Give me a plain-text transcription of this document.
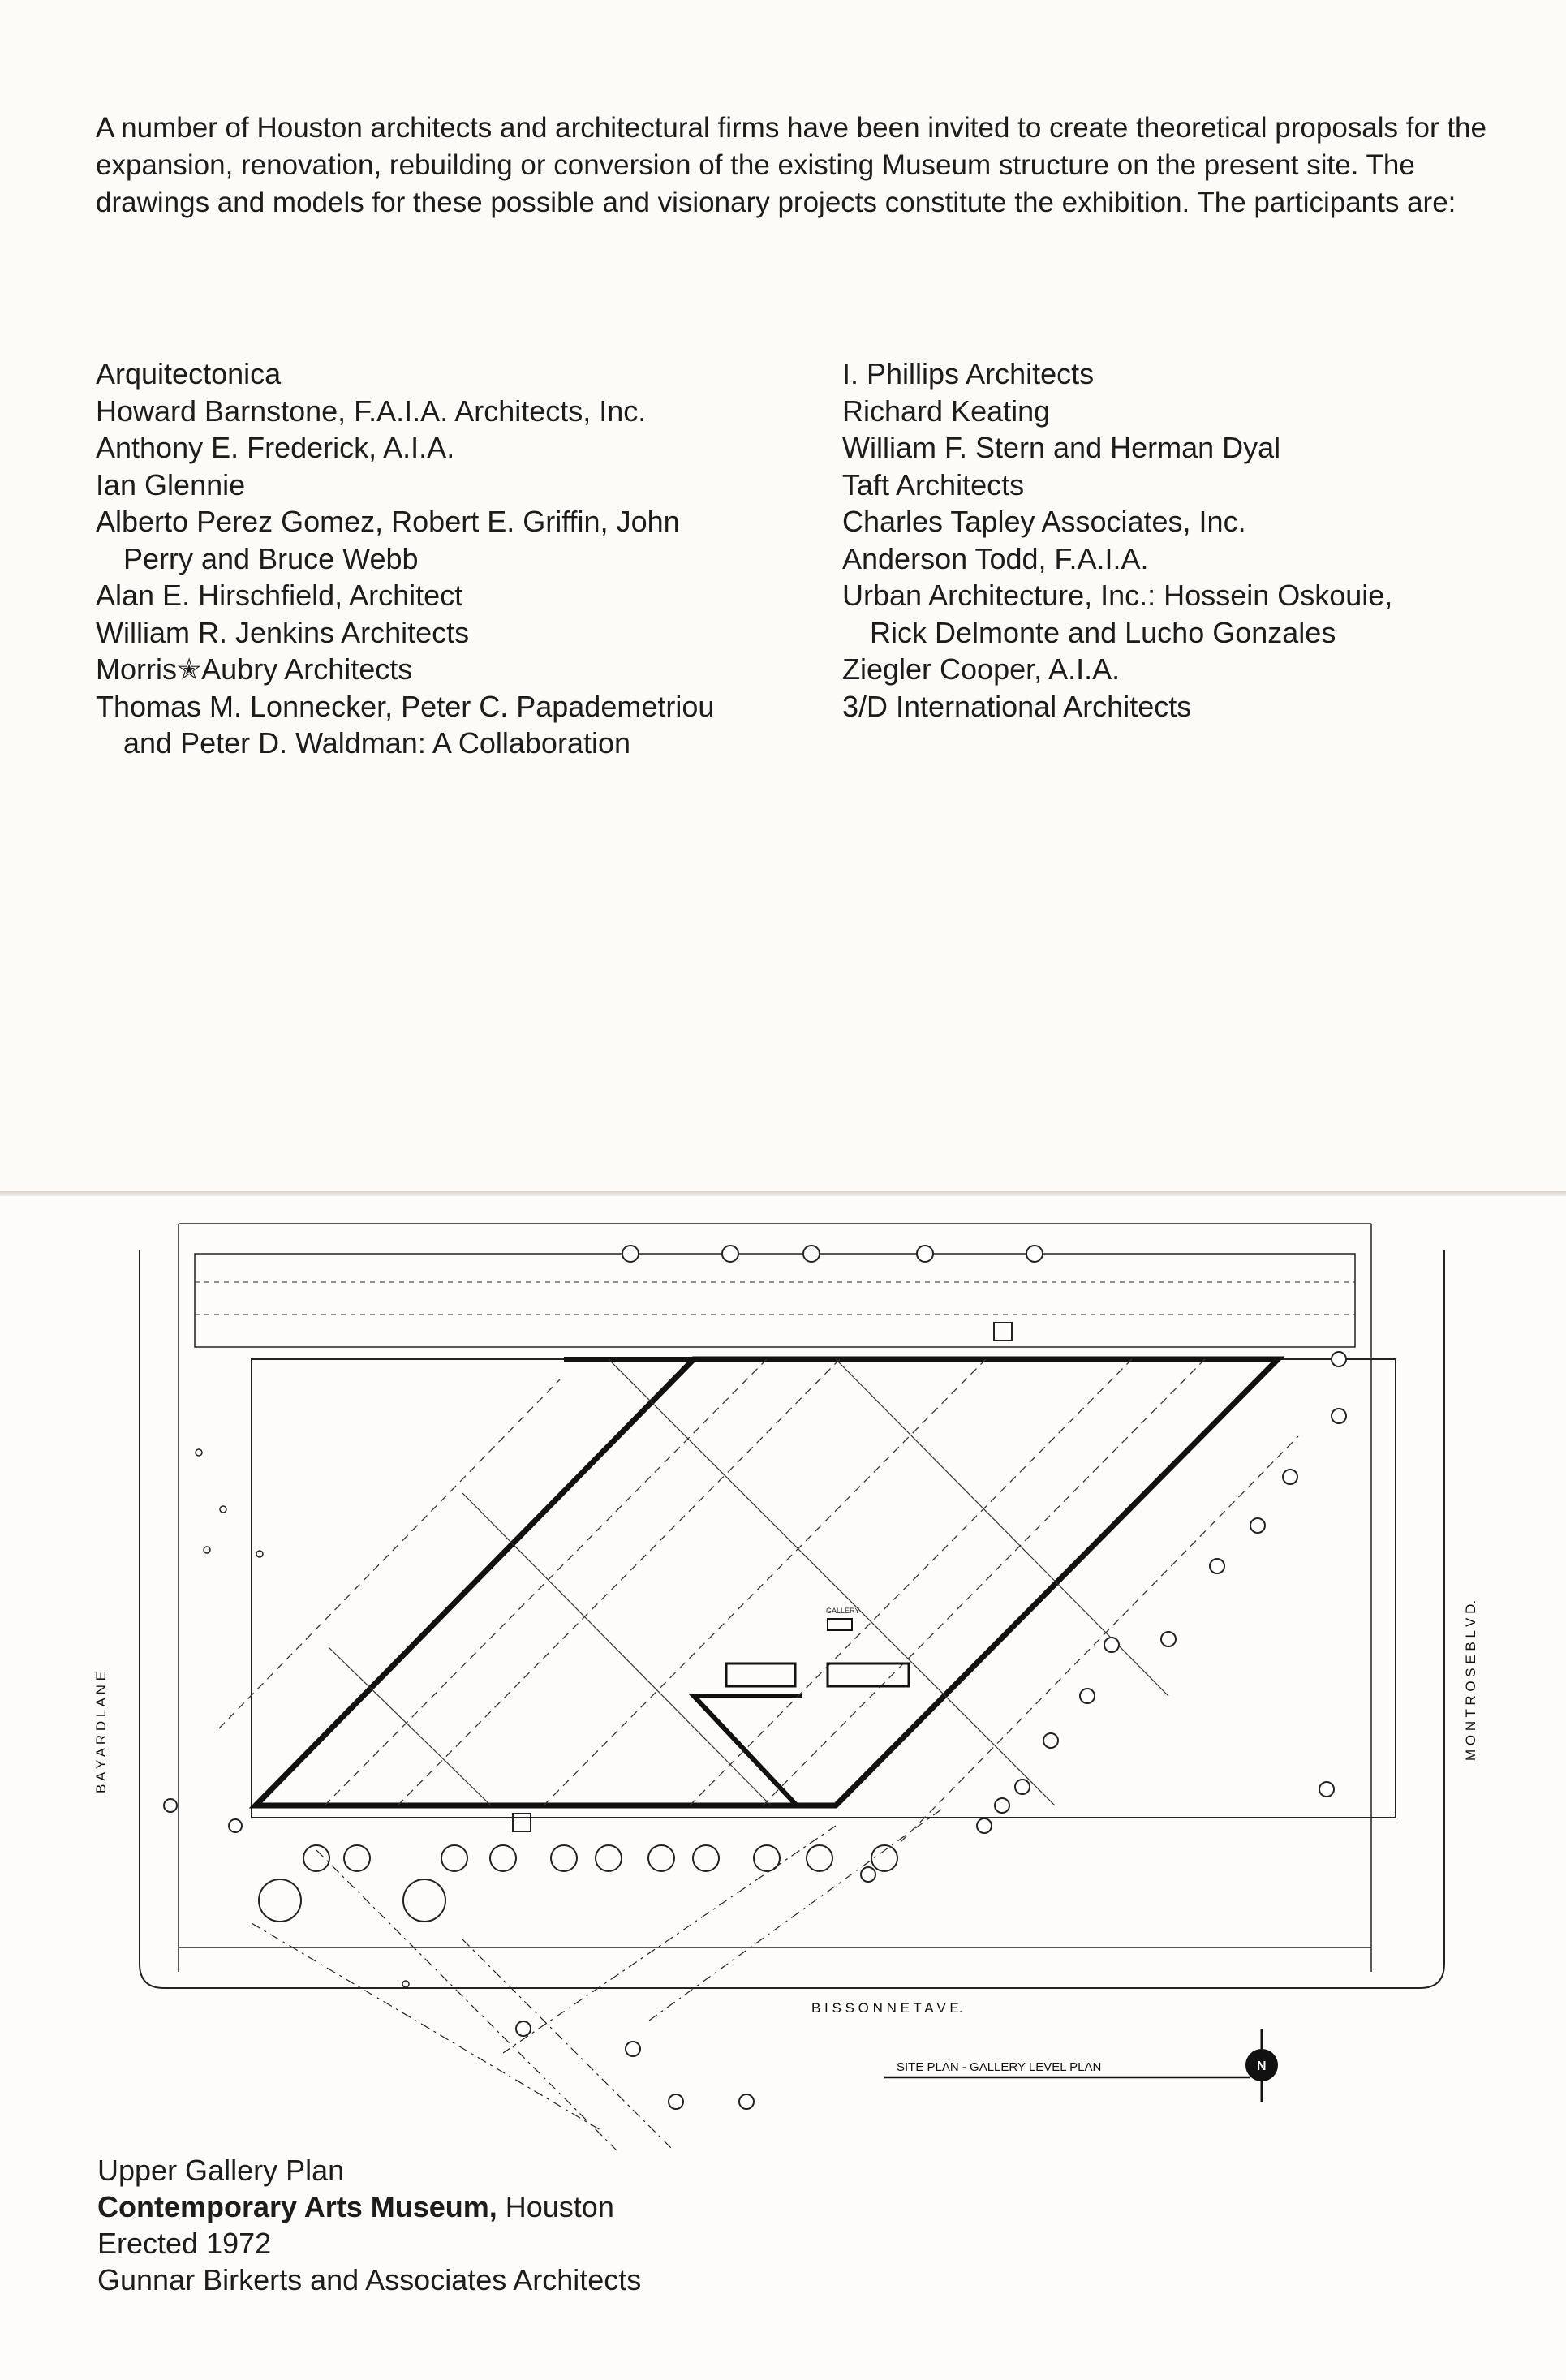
A number of Houston architects and architectural firms have been invited to create theoretical proposals for the expansion, renovation, rebuilding or conversion of the existing Museum structure on the present site. The drawings and models for these possible and visionary projects constitute the exhibition. The participants are:

Arquitectonica
Howard Barnstone, F.A.I.A. Architects, Inc.
Anthony E. Frederick, A.I.A.
Ian Glennie
Alberto Perez Gomez, Robert E. Griffin, John
Perry and Bruce Webb
Alan E. Hirschfield, Architect
William R. Jenkins Architects
Morris✭Aubry Architects
Thomas M. Lonnecker, Peter C. Papademetriou
and Peter D. Waldman: A Collaboration
I. Phillips Architects
Richard Keating
William F. Stern and Herman Dyal
Taft Architects
Charles Tapley Associates, Inc.
Anderson Todd, F.A.I.A.
Urban Architecture, Inc.: Hossein Oskouie,
Rick Delmonte and Lucho Gonzales
Ziegler Cooper, A.I.A.
3/D International Architects
GALLERY
N
SITE PLAN - GALLERY LEVEL PLAN
B I S S O N N E T A V E.
B A Y A R D L A N E	M O N T R O S E B L V D.
Upper Gallery Plan
Contemporary Arts Museum, Houston
Erected 1972
Gunnar Birkerts and Associates Architects
